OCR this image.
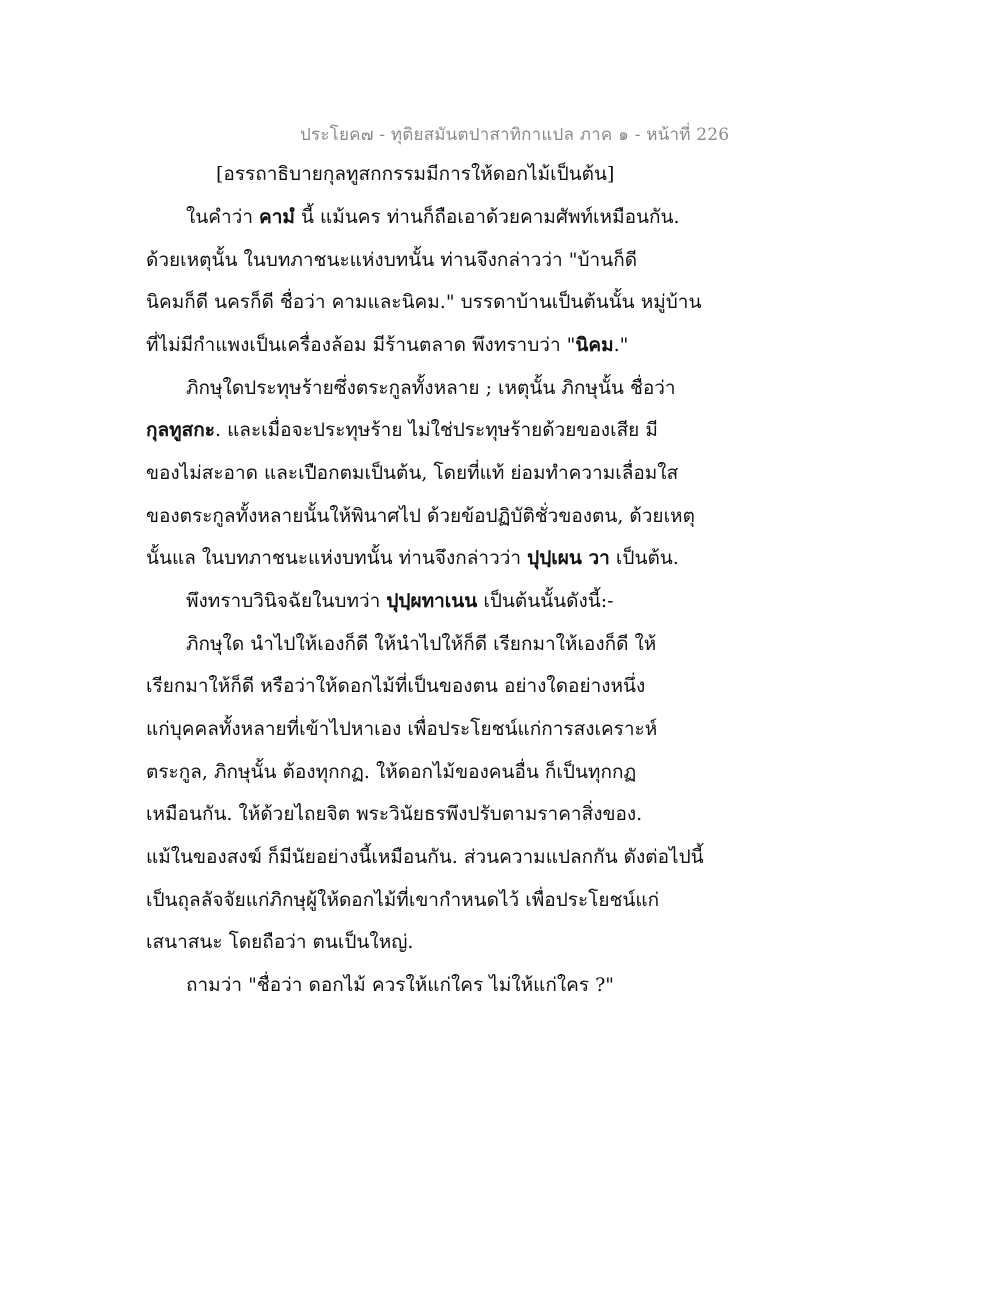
ประโยค๗ - ทุติยสมันตปาสาทิกาแปล ภาค ๑ - หน้าที่ 226
[อรรถาธิบายกุลทูสกกรรมมีการให้ดอกไม้เป็นต้น]
ในคำว่า คามํ นี้ แม้นคร ท่านก็ถือเอาด้วยคามศัพท์เหมือนกัน.
ด้วยเหตุนั้น ในบทภาชนะแห่งบทนั้น ท่านจึงกล่าวว่า "บ้านก็ดี
นิคมก็ดี นครก็ดี ชื่อว่า คามและนิคม." บรรดาบ้านเป็นต้นนั้น หมู่บ้าน
ที่ไม่มีกำแพงเป็นเครื่องล้อม มีร้านตลาด พึงทราบว่า "นิคม."
ภิกษุใดประทุษร้ายซึ่งตระกูลทั้งหลาย ; เหตุนั้น ภิกษุนั้น ชื่อว่า
กุลทูสกะ. และเมื่อจะประทุษร้าย ไม่ใช่ประทุษร้ายด้วยของเสีย มี
ของไม่สะอาด และเปือกตมเป็นต้น, โดยที่แท้ ย่อมทำความเลื่อมใส
ของตระกูลทั้งหลายนั้นให้พินาศไป ด้วยข้อปฏิบัติชั่วของตน, ด้วยเหตุ
นั้นแล ในบทภาชนะแห่งบทนั้น ท่านจึงกล่าวว่า ปุปฺเผน วา เป็นต้น.
พึงทราบวินิจฉัยในบทว่า ปุปฺผทาเนน เป็นต้นนั้นดังนี้:-
ภิกษุใด นำไปให้เองก็ดี ให้นำไปให้ก็ดี เรียกมาให้เองก็ดี ให้
เรียกมาให้ก็ดี หรือว่าให้ดอกไม้ที่เป็นของตน อย่างใดอย่างหนึ่ง
แก่บุคคลทั้งหลายที่เข้าไปหาเอง เพื่อประโยชน์แก่การสงเคราะห์
ตระกูล, ภิกษุนั้น ต้องทุกกฏ. ให้ดอกไม้ของคนอื่น ก็เป็นทุกกฏ
เหมือนกัน. ให้ด้วยไถยจิต พระวินัยธรพึงปรับตามราคาสิ่งของ.
แม้ในของสงฆ์ ก็มีนัยอย่างนี้เหมือนกัน. ส่วนความแปลกกัน ดังต่อไปนี้
เป็นถุลลัจจัยแก่ภิกษุผู้ให้ดอกไม้ที่เขากำหนดไว้ เพื่อประโยชน์แก่
เสนาสนะ โดยถือว่า ตนเป็นใหญ่.
ถามว่า "ชื่อว่า ดอกไม้ ควรให้แก่ใคร ไม่ให้แก่ใคร ?"
